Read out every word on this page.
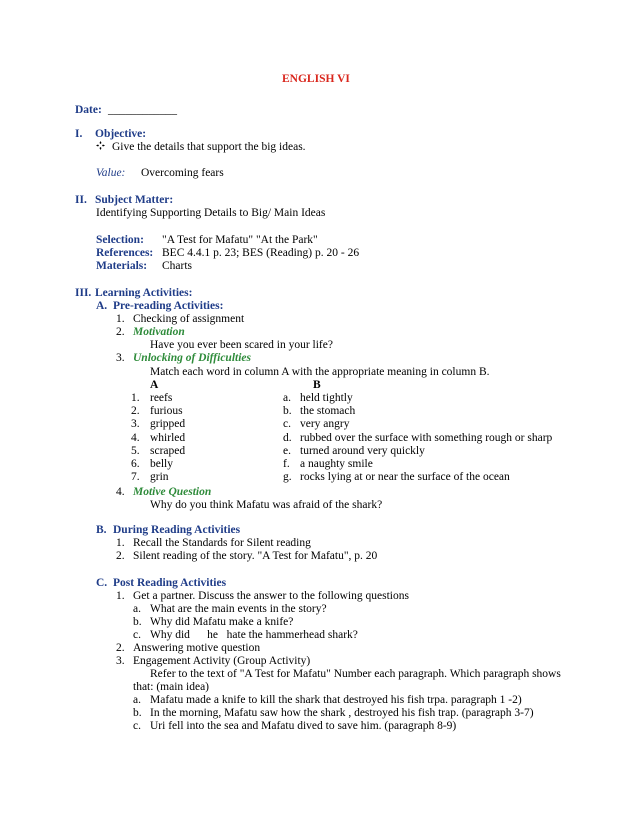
ENGLISH VI
Date: ____________
I. Objective:
Give the details that support the big ideas.
Value: Overcoming fears
II. Subject Matter:
Identifying Supporting Details to Big/ Main Ideas
Selection: "A Test for Mafatu" "At the Park"
References: BEC 4.4.1 p. 23; BES (Reading) p. 20 - 26
Materials: Charts
III. Learning Activities:
A. Pre-reading Activities:
1. Checking of assignment
2. Motivation
Have you ever been scared in your life?
3. Unlocking of Difficulties
Match each word in column A with the appropriate meaning in column B.
A	B
1. reefs	a. held tightly
2. furious	b. the stomach
3. gripped	c. very angry
4. whirled	d. rubbed over the surface with something rough or sharp
5. scraped	e. turned around very quickly
6. belly	f. a naughty smile
7. grin	g. rocks lying at or near the surface of the ocean
4. Motive Question
Why do you think Mafatu was afraid of the shark?
B. During Reading Activities
1. Recall the Standards for Silent reading
2. Silent reading of the story. "A Test for Mafatu", p. 20
C. Post Reading Activities
1. Get a partner. Discuss the answer to the following questions
a. What are the main events in the story?
b. Why did Mafatu make a knife?
c. Why did      he   hate the hammerhead shark?
2. Answering motive question
3. Engagement Activity (Group Activity)
Refer to the text of "A Test for Mafatu" Number each paragraph. Which paragraph shows
that: (main idea)
a. Mafatu made a knife to kill the shark that destroyed his fish trpa. paragraph 1 -2)
b. In the morning, Mafatu saw how the shark , destroyed his fish trap. (paragraph 3-7)
c. Uri fell into the sea and Mafatu dived to save him. (paragraph 8-9)
